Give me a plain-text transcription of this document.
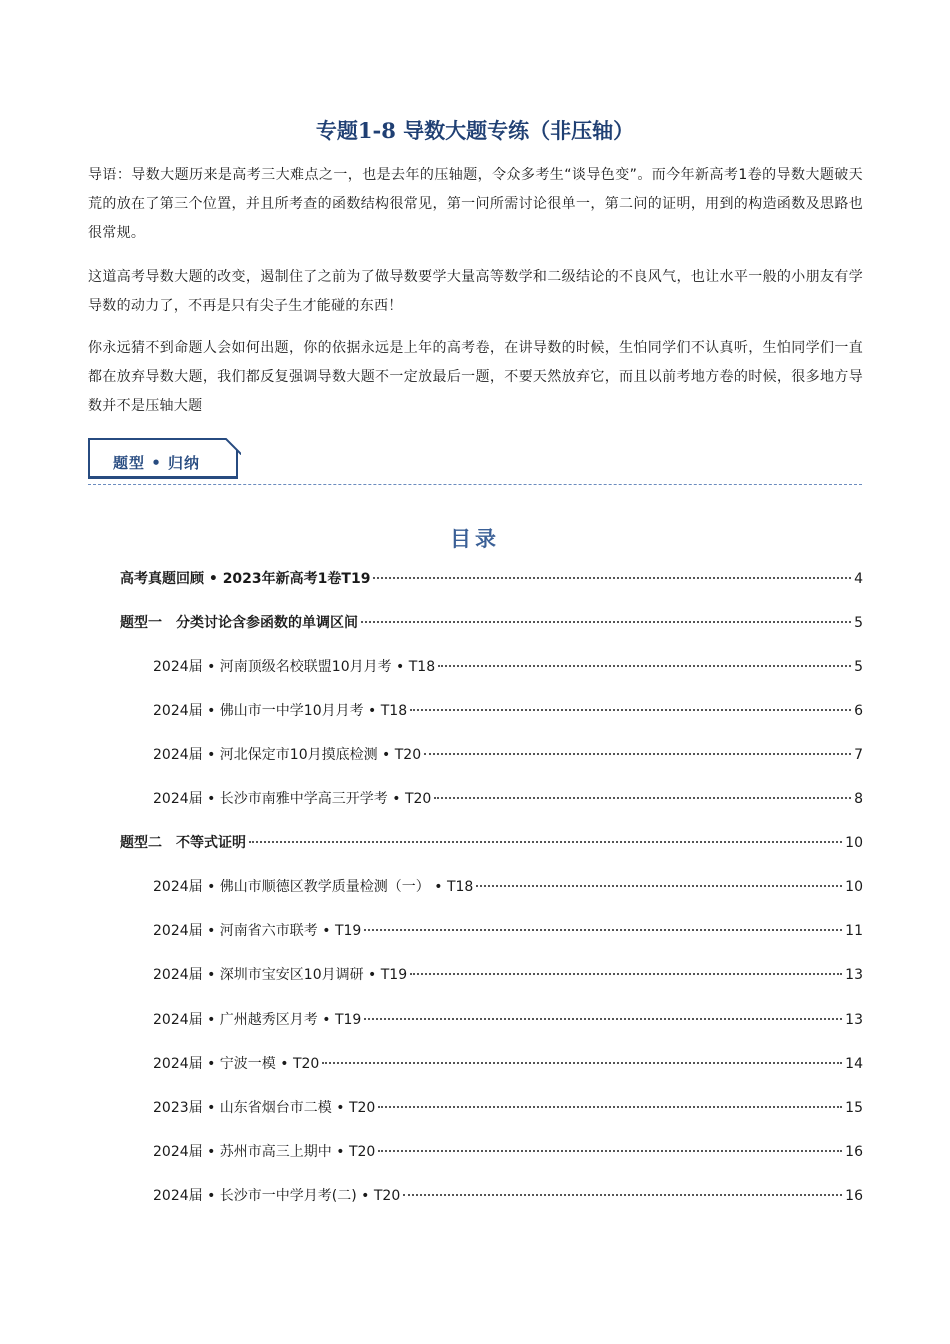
专题1-8 导数大题专练（非压轴）
导语：导数大题历来是高考三大难点之一，也是去年的压轴题，令众多考生“谈导色变”。而今年新高考1卷的导数大题破天荒的放在了第三个位置，并且所考查的函数结构很常见，第一问所需讨论很单一，第二问的证明，用到的构造函数及思路也很常规。
这道高考导数大题的改变，遏制住了之前为了做导数要学大量高等数学和二级结论的不良风气，也让水平一般的小朋友有学导数的动力了，不再是只有尖子生才能碰的东西！
你永远猜不到命题人会如何出题，你的依据永远是上年的高考卷，在讲导数的时候，生怕同学们不认真听，生怕同学们一直都在放弃导数大题，我们都反复强调导数大题不一定放最后一题，不要天然放弃它，而且以前考地方卷的时候，很多地方导数并不是压轴大题
题型 • 归纳
目录
高考真题回顾 • 2023年新高考1卷T19	4
题型一　分类讨论含参函数的单调区间	5
2024届 • 河南顶级名校联盟10月月考 • T18	5
2024届 • 佛山市一中学10月月考 • T18	6
2024届 • 河北保定市10月摸底检测 • T20	7
2024届 • 长沙市南雅中学高三开学考 • T20	8
题型二　不等式证明	10
2024届 • 佛山市顺德区教学质量检测（一） • T18	10
2024届 • 河南省六市联考 • T19	11
2024届 • 深圳市宝安区10月调研 • T19	13
2024届 • 广州越秀区月考 • T19	13
2024届 • 宁波一模 • T20	14
2023届 • 山东省烟台市二模 • T20	15
2024届 • 苏州市高三上期中 • T20	16
2024届 • 长沙市一中学月考(二) • T20	16
